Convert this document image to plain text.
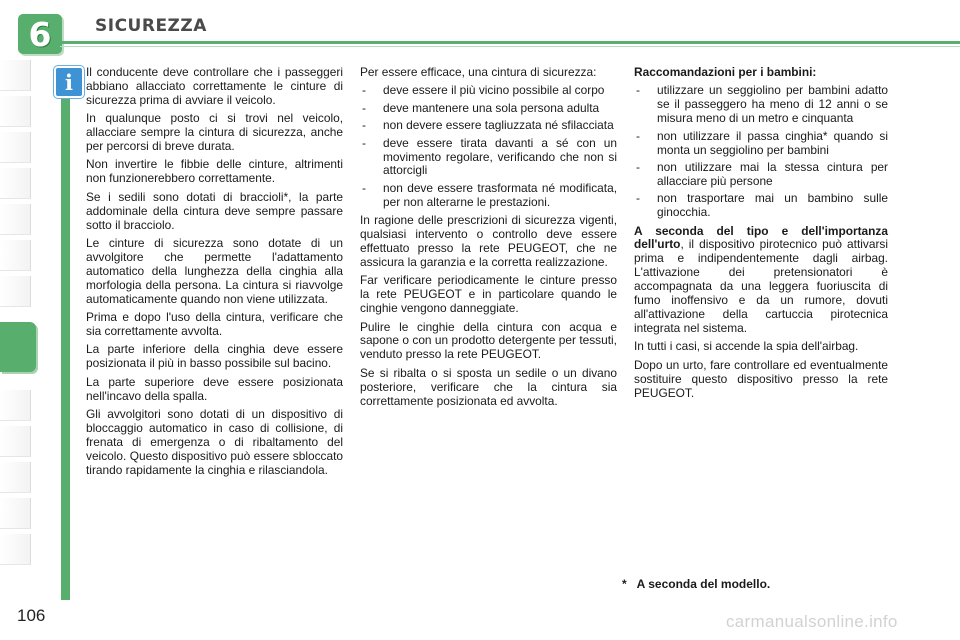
6	SICUREZZA
i Il conducente deve controllare che i passeggeri abbiano allacciato correttamente le cinture di sicurezza prima di avviare il veicolo.

In qualunque posto ci si trovi nel veicolo, allacciare sempre la cintura di sicurezza, anche per percorsi di breve durata.

Non invertire le fibbie delle cinture, altrimenti non funzionerebbero correttamente.

Se i sedili sono dotati di braccioli*, la parte addominale della cintura deve sempre passare sotto il bracciolo.

Le cinture di sicurezza sono dotate di un avvolgitore che permette l'adattamento automatico della lunghezza della cinghia alla morfologia della persona. La cintura si riavvolge automaticamente quando non viene utilizzata.

Prima e dopo l'uso della cintura, verificare che sia correttamente avvolta.

La parte inferiore della cinghia deve essere posizionata il più in basso possibile sul bacino.

La parte superiore deve essere posizionata nell'incavo della spalla.

Gli avvolgitori sono dotati di un dispositivo di bloccaggio automatico in caso di collisione, di frenata di emergenza o di ribaltamento del veicolo. Questo dispositivo può essere sbloccato tirando rapidamente la cinghia e rilasciandola.

Per essere efficace, una cintura di sicurezza:

- deve essere il più vicino possibile al corpo
- deve mantenere una sola persona adulta
- non devere essere tagliuzzata né sfilacciata
- deve essere tirata davanti a sé con un movimento regolare, verificando che non si attorcigli
- non deve essere trasformata né modificata, per non alterarne le prestazioni.

In ragione delle prescrizioni di sicurezza vigenti, qualsiasi intervento o controllo deve essere effettuato presso la rete PEUGEOT, che ne assicura la garanzia e la corretta realizzazione.

Far verificare periodicamente le cinture presso la rete PEUGEOT e in particolare quando le cinghie vengono danneggiate.

Pulire le cinghie della cintura con acqua e sapone o con un prodotto detergente per tessuti, venduto presso la rete PEUGEOT.

Se si ribalta o si sposta un sedile o un divano posteriore, verificare che la cintura sia correttamente posizionata ed avvolta.

Raccomandazioni per i bambini:

- utilizzare un seggiolino per bambini adatto se il passeggero ha meno di 12 anni o se misura meno di un metro e cinquanta
- non utilizzare il passa cinghia* quando si monta un seggiolino per bambini
- non utilizzare mai la stessa cintura per allacciare più persone
- non trasportare mai un bambino sulle ginocchia.

A seconda del tipo e dell'importanza dell'urto, il dispositivo pirotecnico può attivarsi prima e indipendentemente dagli airbag. L'attivazione dei pretensionatori è accompagnata da una leggera fuoriuscita di fumo inoffensivo e da un rumore, dovuti all'attivazione della cartuccia pirotecnica integrata nel sistema.

In tutti i casi, si accende la spia dell'airbag.

Dopo un urto, fare controllare ed eventualmente sostituire questo dispositivo presso la rete PEUGEOT.

* A seconda del modello.
106	carmanualsonline.info
